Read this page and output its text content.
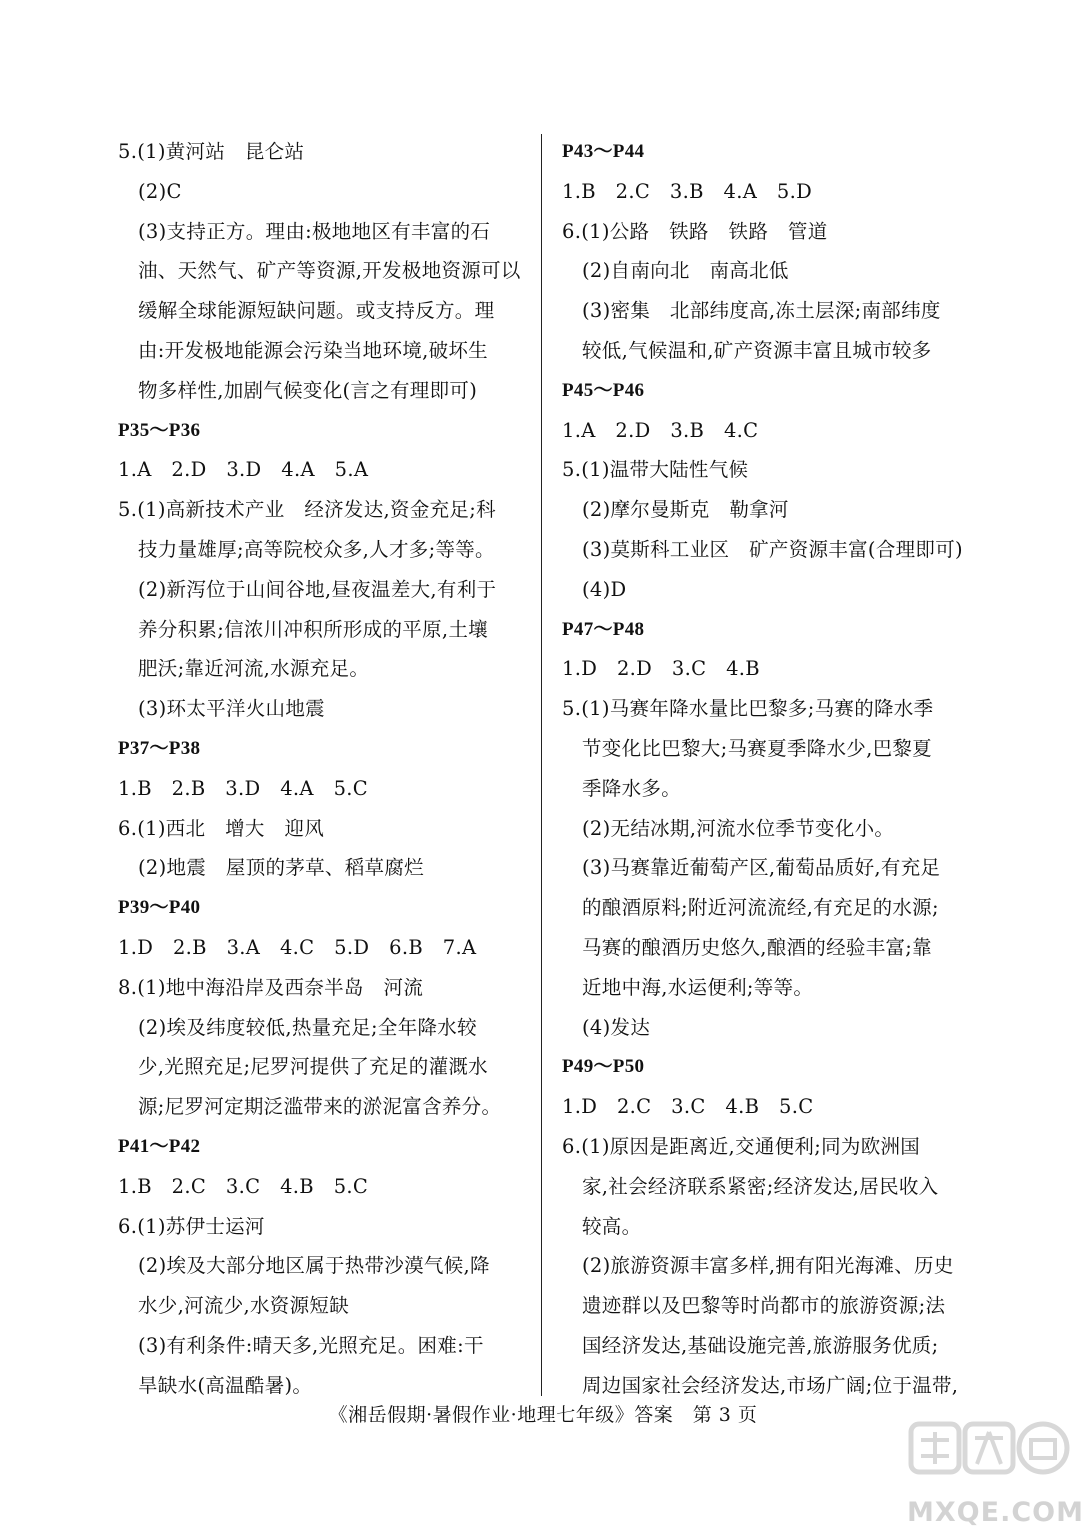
5.(1)黄河站　昆仑站
(2)C
(3)支持正方。理由:极地地区有丰富的石
油、天然气、矿产等资源,开发极地资源可以
缓解全球能源短缺问题。或支持反方。理
由:开发极地能源会污染当地环境,破坏生
物多样性,加剧气候变化(言之有理即可)
P35～P36
1.A　2.D　3.D　4.A　5.A
5.(1)高新技术产业　经济发达,资金充足;科
技力量雄厚;高等院校众多,人才多;等等。
(2)新泻位于山间谷地,昼夜温差大,有利于
养分积累;信浓川冲积所形成的平原,土壤
肥沃;靠近河流,水源充足。
(3)环太平洋火山地震
P37～P38
1.B　2.B　3.D　4.A　5.C
6.(1)西北　增大　迎风
(2)地震　屋顶的茅草、稻草腐烂
P39～P40
1.D　2.B　3.A　4.C　5.D　6.B　7.A
8.(1)地中海沿岸及西奈半岛　河流
(2)埃及纬度较低,热量充足;全年降水较
少,光照充足;尼罗河提供了充足的灌溉水
源;尼罗河定期泛滥带来的淤泥富含养分。
P41～P42
1.B　2.C　3.C　4.B　5.C
6.(1)苏伊士运河
(2)埃及大部分地区属于热带沙漠气候,降
水少,河流少,水资源短缺
(3)有利条件:晴天多,光照充足。困难:干
旱缺水(高温酷暑)。
P43～P44
1.B　2.C　3.B　4.A　5.D
6.(1)公路　铁路　铁路　管道
(2)自南向北　南高北低
(3)密集　北部纬度高,冻土层深;南部纬度
较低,气候温和,矿产资源丰富且城市较多
P45～P46
1.A　2.D　3.B　4.C
5.(1)温带大陆性气候
(2)摩尔曼斯克　勒拿河
(3)莫斯科工业区　矿产资源丰富(合理即可)
(4)D
P47～P48
1.D　2.D　3.C　4.B
5.(1)马赛年降水量比巴黎多;马赛的降水季
节变化比巴黎大;马赛夏季降水少,巴黎夏
季降水多。
(2)无结冰期,河流水位季节变化小。
(3)马赛靠近葡萄产区,葡萄品质好,有充足
的酿酒原料;附近河流流经,有充足的水源;
马赛的酿酒历史悠久,酿酒的经验丰富;靠
近地中海,水运便利;等等。
(4)发达
P49～P50
1.D　2.C　3.C　4.B　5.C
6.(1)原因是距离近,交通便利;同为欧洲国
家,社会经济联系紧密;经济发达,居民收入
较高。
(2)旅游资源丰富多样,拥有阳光海滩、历史
遗迹群以及巴黎等时尚都市的旅游资源;法
国经济发达,基础设施完善,旅游服务优质;
周边国家社会经济发达,市场广阔;位于温带,
《湘岳假期·暑假作业·地理七年级》答案　第 3 页
MXQE.COM
